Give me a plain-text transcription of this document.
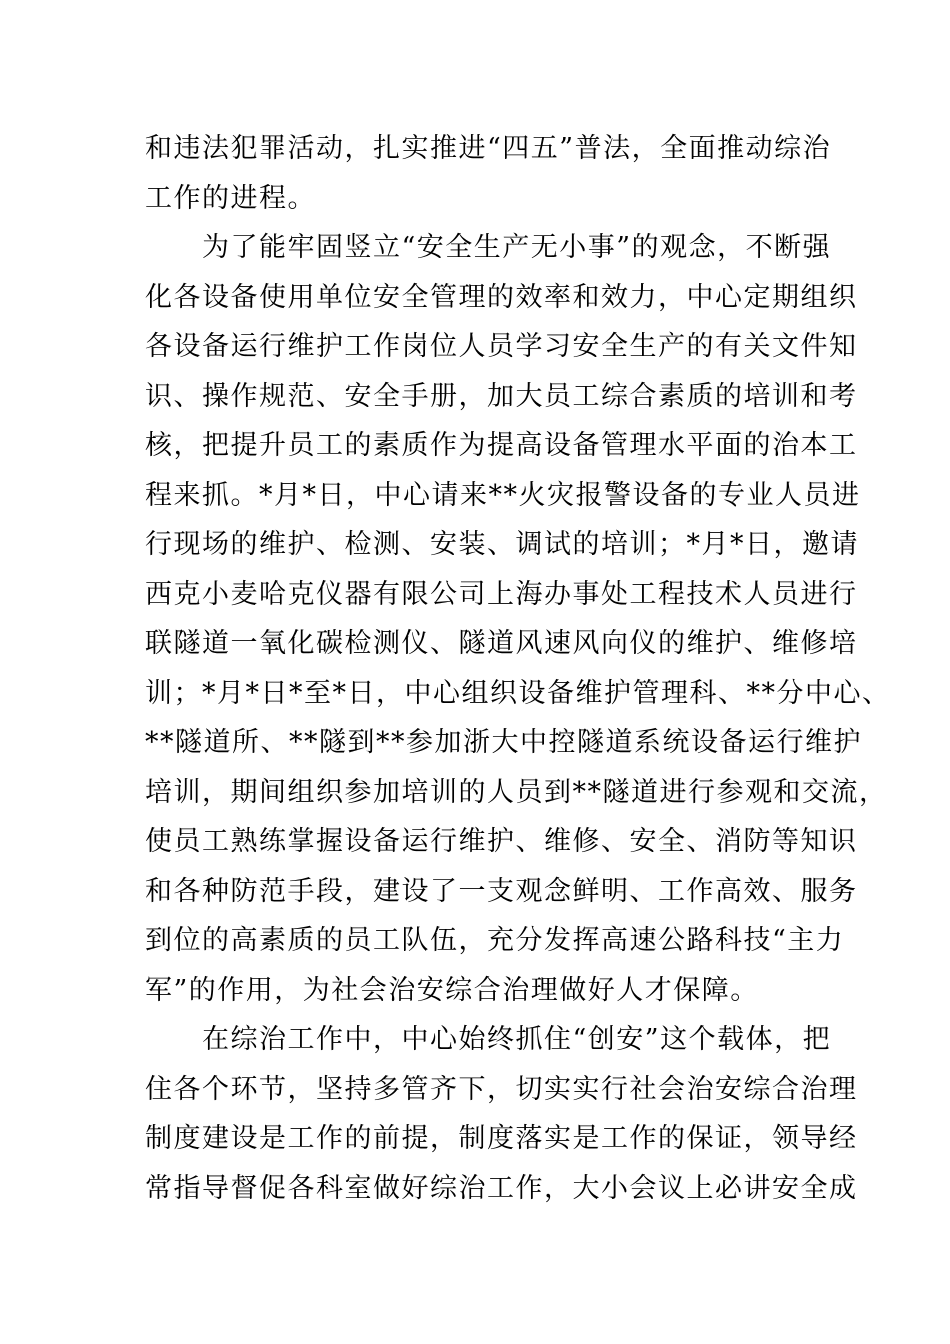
和违法犯罪活动，扎实推进“四五”普法，全面推动综治
工作的进程。
为了能牢固竖立“安全生产无小事”的观念，不断强
化各设备使用单位安全管理的效率和效力，中心定期组织
各设备运行维护工作岗位人员学习安全生产的有关文件知
识、操作规范、安全手册，加大员工综合素质的培训和考
核，把提升员工的素质作为提高设备管理水平面的治本工
程来抓。*月*日，中心请来**火灾报警设备的专业人员进
行现场的维护、检测、安装、调试的培训；*月*日，邀请
西克小麦哈克仪器有限公司上海办事处工程技术人员进行
联隧道一氧化碳检测仪、隧道风速风向仪的维护、维修培
训；*月*日*至*日，中心组织设备维护管理科、**分中心、
**隧道所、**隧到**参加浙大中控隧道系统设备运行维护
培训，期间组织参加培训的人员到**隧道进行参观和交流，
使员工熟练掌握设备运行维护、维修、安全、消防等知识
和各种防范手段，建设了一支观念鲜明、工作高效、服务
到位的高素质的员工队伍，充分发挥高速公路科技“主力
军”的作用，为社会治安综合治理做好人才保障。
在综治工作中，中心始终抓住“创安”这个载体，把
住各个环节，坚持多管齐下，切实实行社会治安综合治理
制度建设是工作的前提，制度落实是工作的保证，领导经
常指导督促各科室做好综治工作，大小会议上必讲安全成
